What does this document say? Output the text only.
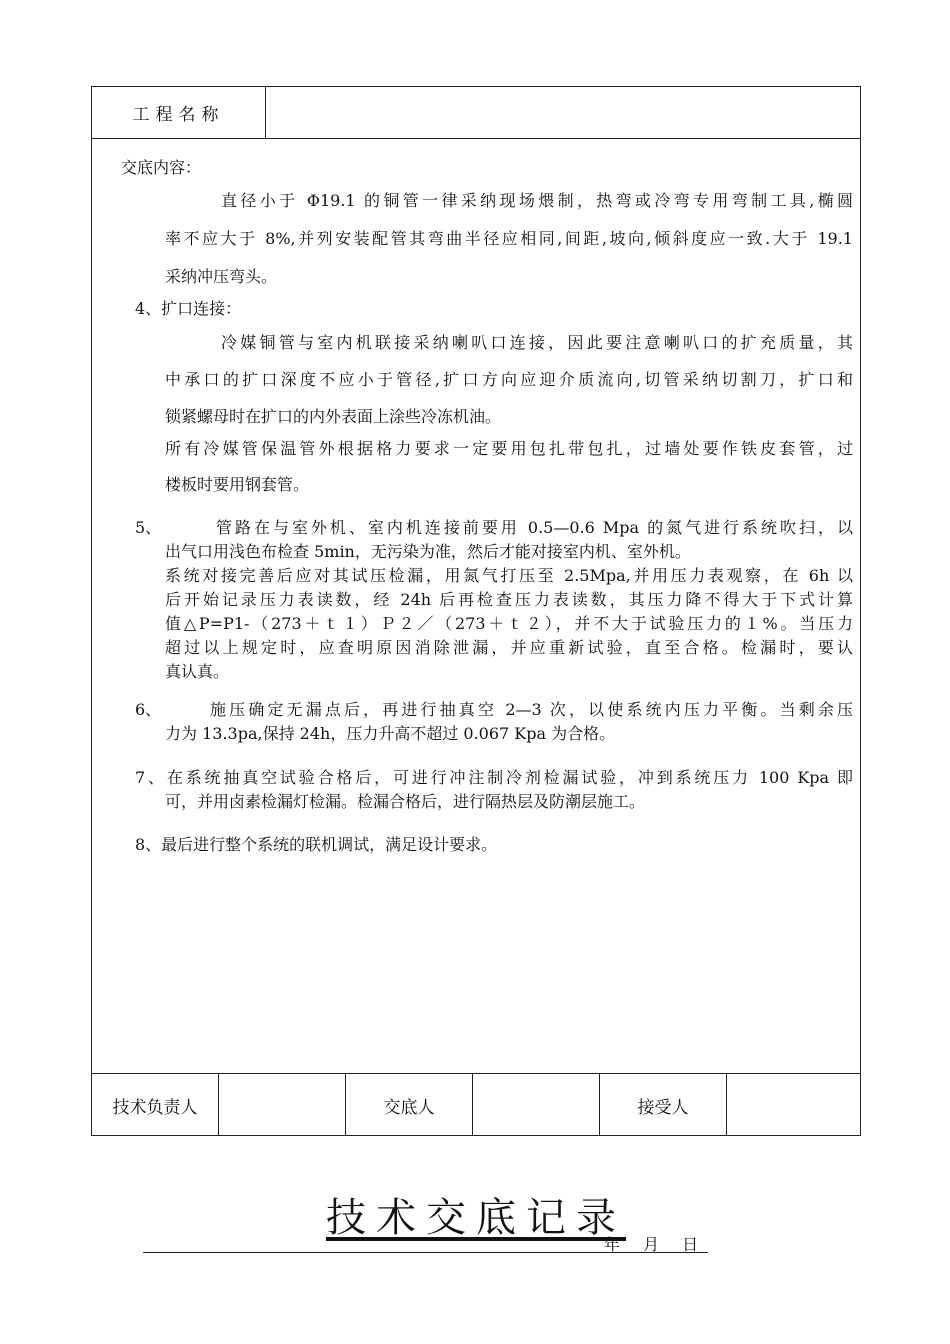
工程名称

交底内容：

直径小于 Φ19.1 的铜管一律采纳现场煨制，热弯或冷弯专用弯制工具,椭圆

率不应大于 8%,并列安装配管其弯曲半径应相同,间距,坡向,倾斜度应一致.大于 19.1

采纳冲压弯头。

4、扩口连接：

冷媒铜管与室内机联接采纳喇叭口连接，因此要注意喇叭口的扩充质量，其

中承口的扩口深度不应小于管径,扩口方向应迎介质流向,切管采纳切割刀，扩口和

锁紧螺母时在扩口的内外表面上涂些冷冻机油。

所有冷媒管保温管外根据格力要求一定要用包扎带包扎，过墙处要作铁皮套管，过

楼板时要用钢套管。

5、	管路在与室外机、室内机连接前要用 0.5—0.6 Mpa 的氮气进行系统吹扫，以

出气口用浅色布检查 5min，无污染为准，然后才能对接室内机、室外机。

系统对接完善后应对其试压检漏，用氮气打压至 2.5Mpa,并用压力表观察，在 6h 以

后开始记录压力表读数，经 24h 后再检查压力表读数，其压力降不得大于下式计算

值△P=P1-（273＋ｔ１）Ｐ２／（273＋ｔ２），并不大于试验压力的１%。当压力

超过以上规定时，应查明原因消除泄漏，并应重新试验，直至合格。检漏时，要认

真认真。

6、	施压确定无漏点后，再进行抽真空 2—3 次，以使系统内压力平衡。当剩余压

力为 13.3pa,保持 24h，压力升高不超过 0.067 Kpa 为合格。

7、在系统抽真空试验合格后，可进行冲注制冷剂检漏试验，冲到系统压力 100 Kpa 即

可，并用卤素检漏灯检漏。检漏合格后，进行隔热层及防潮层施工。

8、最后进行整个系统的联机调试，满足设计要求。

技术负责人	交底人	接受人
技术交底记录
年 月 日
